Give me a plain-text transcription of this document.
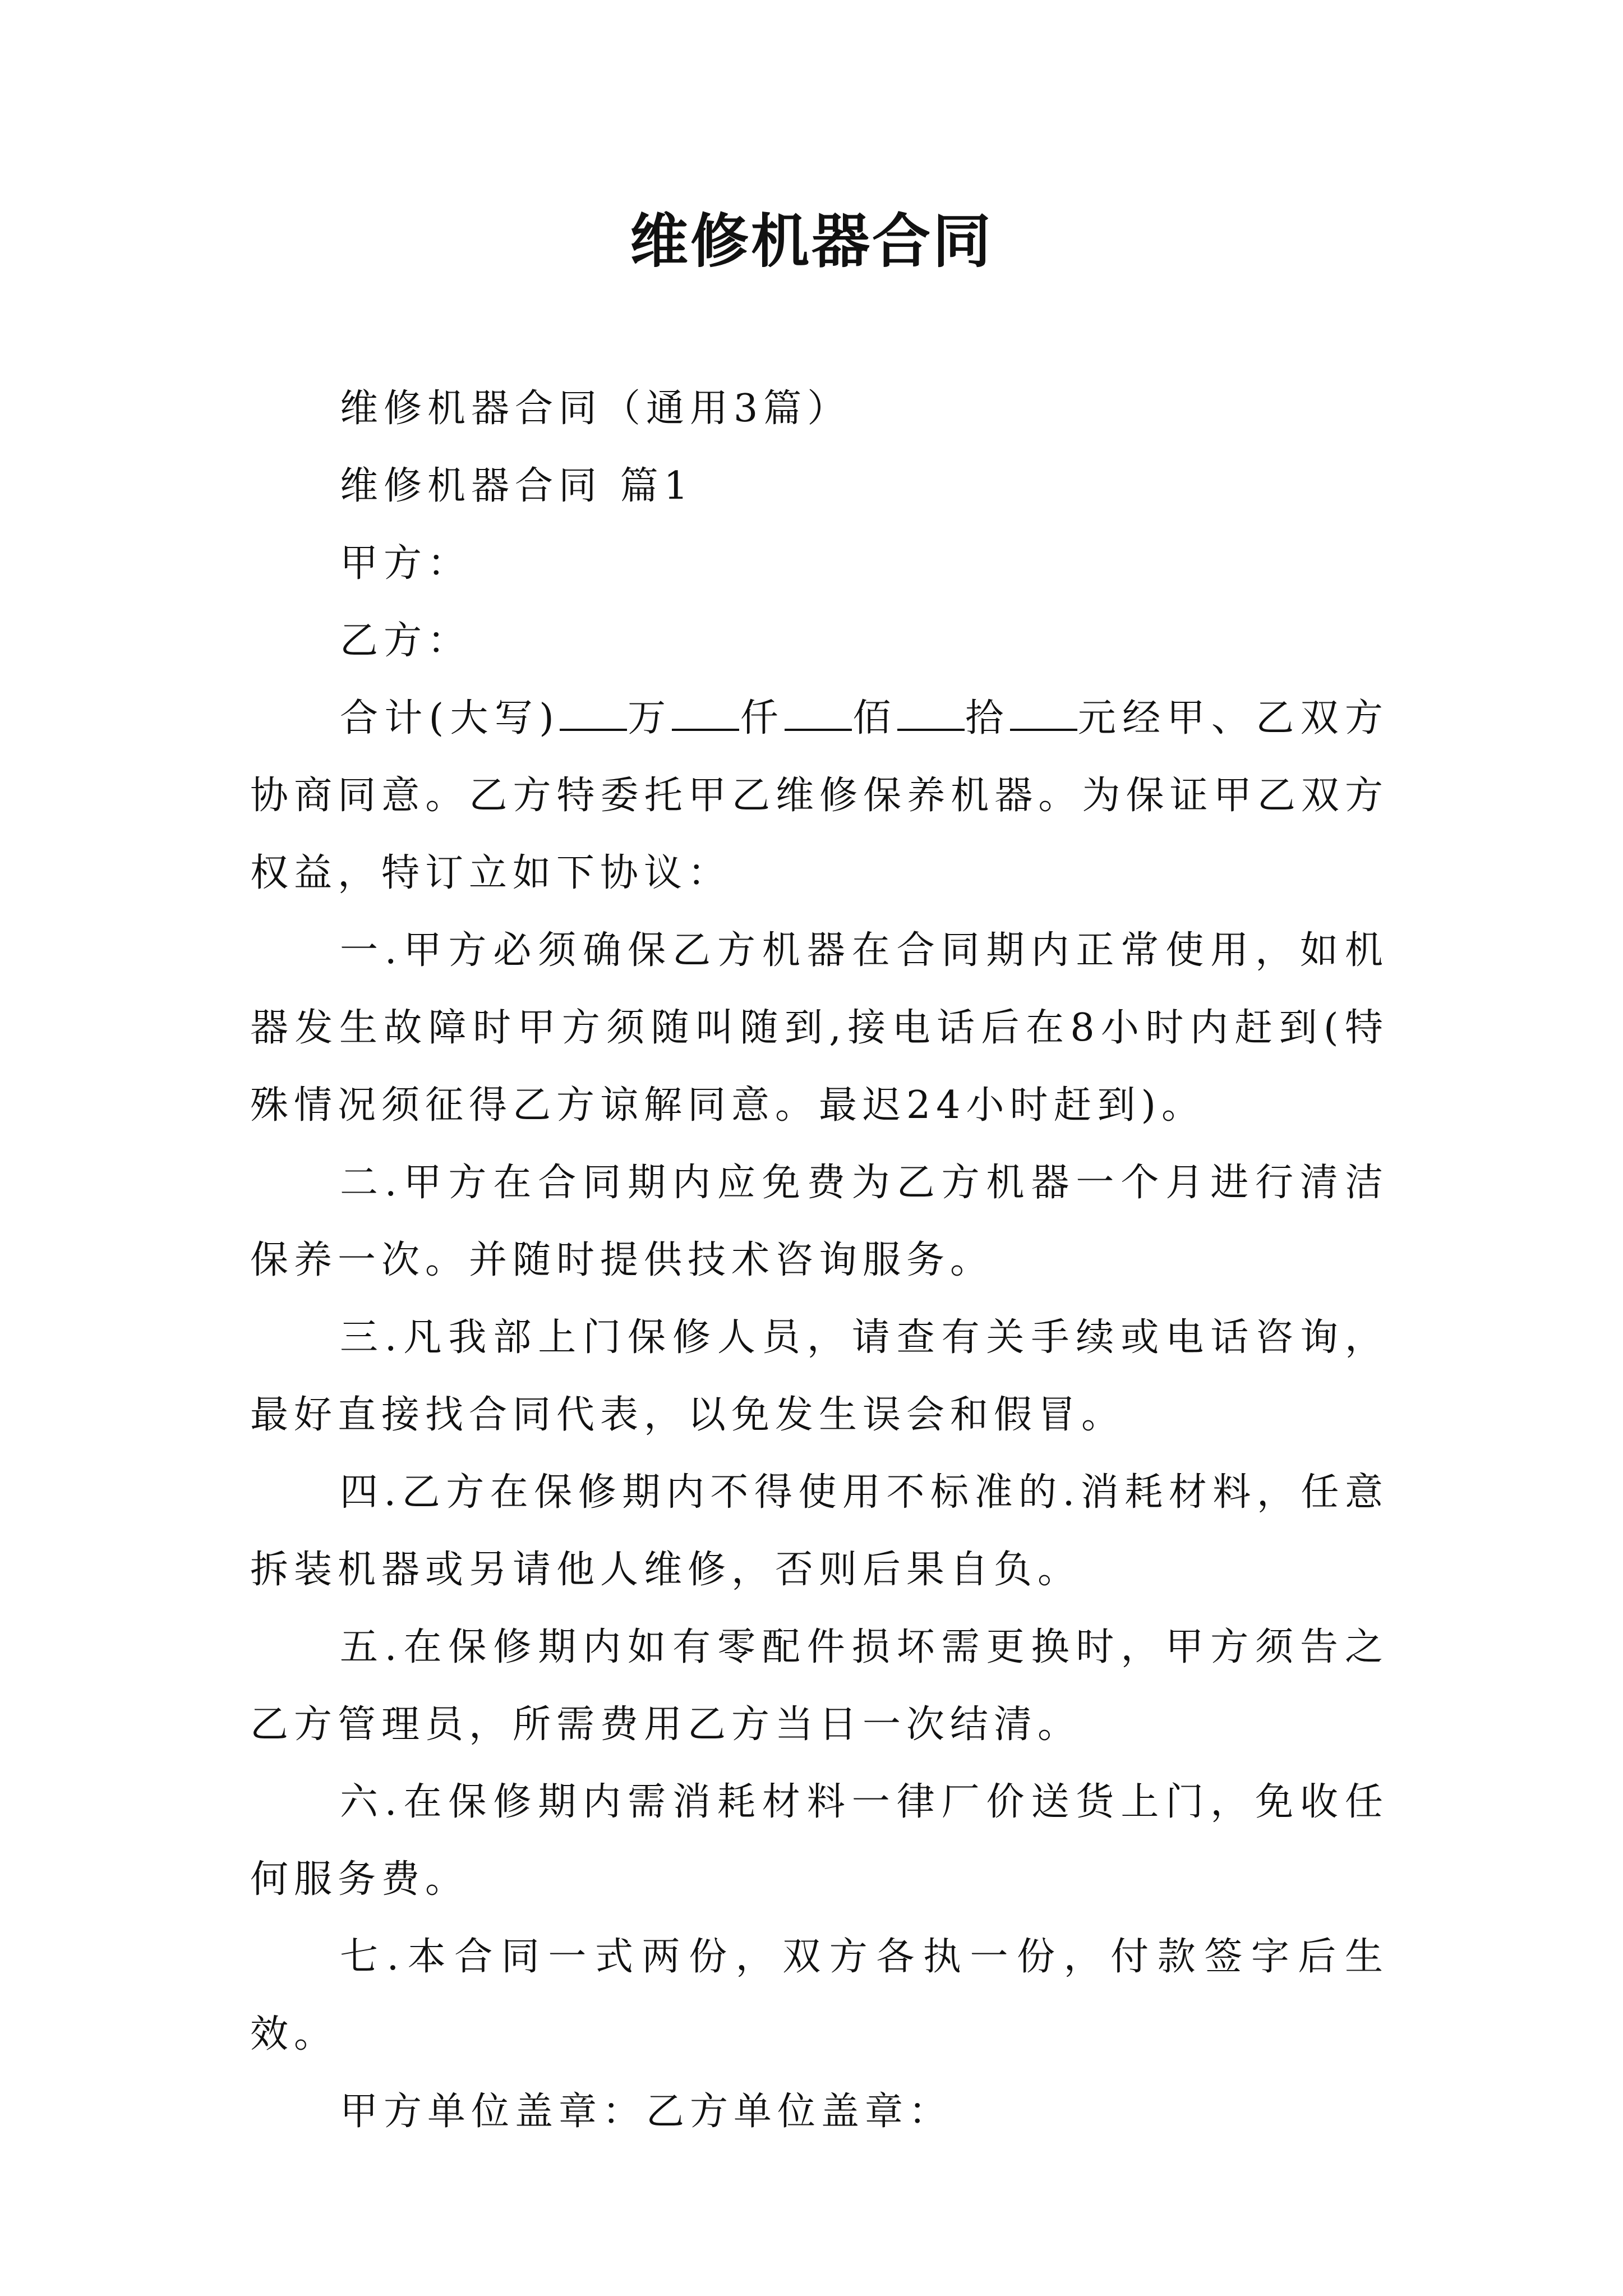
维修机器合同

维修机器合同（通用3篇）

维修机器合同 篇1

甲方：

乙方：

合计(大写) 万 仟 佰 拾 元经甲、乙双方协商同意。乙方特委托甲乙维修保养机器。为保证甲乙双方权益，特订立如下协议：

一.甲方必须确保乙方机器在合同期内正常使用，如机器发生故障时甲方须随叫随到,接电话后在8小时内赶到(特殊情况须征得乙方谅解同意。最迟24小时赶到)。

二.甲方在合同期内应免费为乙方机器一个月进行清洁保养一次。并随时提供技术咨询服务。

三.凡我部上门保修人员，请查有关手续或电话咨询，最好直接找合同代表，以免发生误会和假冒。

四.乙方在保修期内不得使用不标准的.消耗材料，任意拆装机器或另请他人维修，否则后果自负。

五.在保修期内如有零配件损坏需更换时，甲方须告之乙方管理员，所需费用乙方当日一次结清。

六.在保修期内需消耗材料一律厂价送货上门，免收任何服务费。

七.本合同一式两份，双方各执一份，付款签字后生效。

甲方单位盖章：乙方单位盖章：
